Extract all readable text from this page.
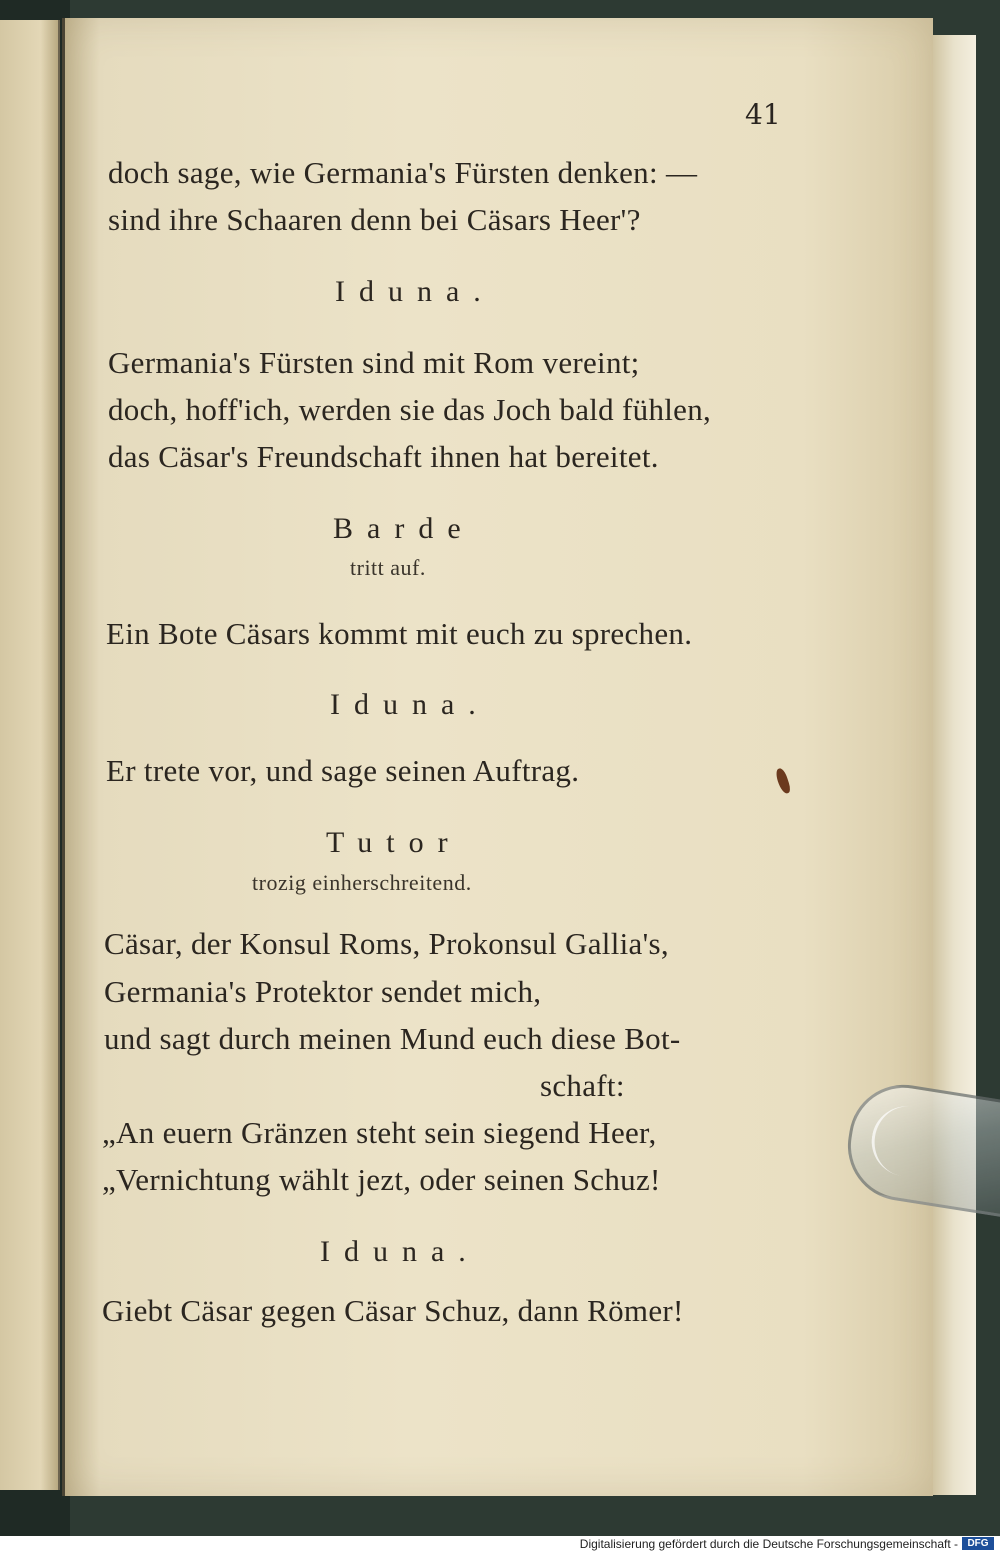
41
doch sage, wie Germania's Fürsten denken: —
sind ihre Schaaren denn bei Cäsars Heer'?
Iduna.
Germania's Fürsten sind mit Rom vereint;
doch, hoff'ich, werden sie das Joch bald fühlen,
das Cäsar's Freundschaft ihnen hat bereitet.
Barde
tritt auf.
Ein Bote Cäsars kommt mit euch zu sprechen.
Iduna.
Er trete vor, und sage seinen Auftrag.
Tutor
trozig einherschreitend.
Cäsar, der Konsul Roms, Prokonsul Gallia's,
Germania's Protektor sendet mich,
und sagt durch meinen Mund euch diese Bot-
schaft:
„An euern Gränzen steht sein siegend Heer,
„Vernichtung wählt jezt, oder seinen Schuz!
Iduna.
Giebt Cäsar gegen Cäsar Schuz, dann Römer!
Digitalisierung gefördert durch die Deutsche Forschungsgemeinschaft - DFG
